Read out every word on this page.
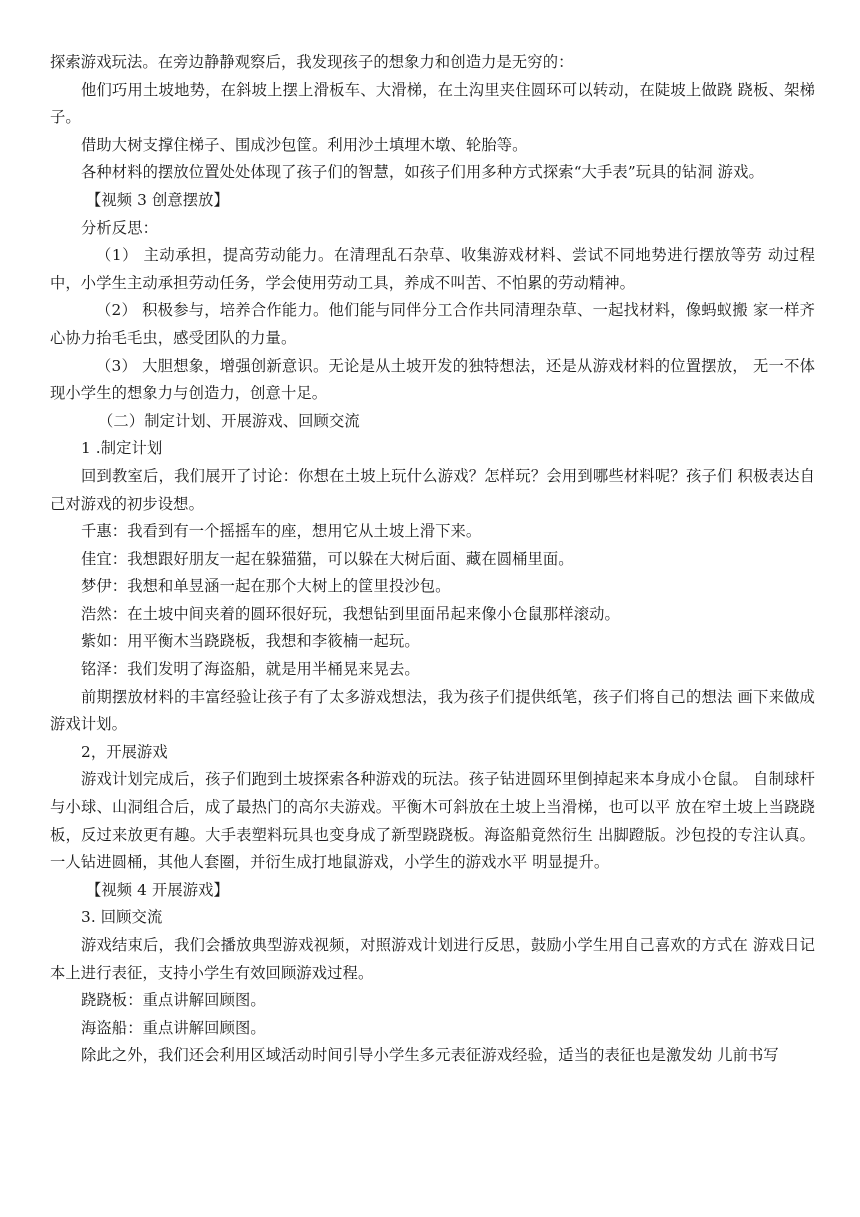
探索游戏玩法。在旁边静静观察后，我发现孩子的想象力和创造力是无穷的：

他们巧用土坡地势，在斜坡上摆上滑板车、大滑梯，在土沟里夹住圆环可以转动，在陡坡上做跷 跷板、架梯子。

借助大树支撑住梯子、围成沙包筐。利用沙土填埋木墩、轮胎等。

各种材料的摆放位置处处体现了孩子们的智慧，如孩子们用多种方式探索“大手表”玩具的钻洞 游戏。

【视频 3 创意摆放】

分析反思：

（1） 主动承担，提高劳动能力。在清理乱石杂草、收集游戏材料、尝试不同地势进行摆放等劳 动过程中，小学生主动承担劳动任务，学会使用劳动工具，养成不叫苦、不怕累的劳动精神。

（2） 积极参与，培养合作能力。他们能与同伴分工合作共同清理杂草、一起找材料，像蚂蚁搬 家一样齐心协力抬毛毛虫，感受团队的力量。

（3） 大胆想象，增强创新意识。无论是从土坡开发的独特想法，还是从游戏材料的位置摆放， 无一不体现小学生的想象力与创造力，创意十足。

（二）制定计划、开展游戏、回顾交流

1 .制定计划

回到教室后，我们展开了讨论：你想在土坡上玩什么游戏？怎样玩？会用到哪些材料呢？孩子们 积极表达自己对游戏的初步设想。

千惠：我看到有一个摇摇车的座，想用它从土坡上滑下来。

佳宜：我想跟好朋友一起在躲猫猫，可以躲在大树后面、藏在圆桶里面。

梦伊：我想和单昱涵一起在那个大树上的筐里投沙包。

浩然：在土坡中间夹着的圆环很好玩，我想钻到里面吊起来像小仓鼠那样滚动。

紫如：用平衡木当跷跷板，我想和李筱楠一起玩。

铭泽：我们发明了海盗船，就是用半桶晃来晃去。

前期摆放材料的丰富经验让孩子有了太多游戏想法，我为孩子们提供纸笔，孩子们将自己的想法 画下来做成游戏计划。

2，开展游戏

游戏计划完成后，孩子们跑到土坡探索各种游戏的玩法。孩子钻进圆环里倒掉起来本身成小仓鼠。 自制球杆与小球、山洞组合后，成了最热门的高尔夫游戏。平衡木可斜放在土坡上当滑梯，也可以平 放在窄土坡上当跷跷板，反过来放更有趣。大手表塑料玩具也变身成了新型跷跷板。海盗船竟然衍生 出脚蹬版。沙包投的专注认真。一人钻进圆桶，其他人套圈，并衍生成打地鼠游戏，小学生的游戏水平 明显提升。

【视频 4 开展游戏】

3. 回顾交流

游戏结束后，我们会播放典型游戏视频，对照游戏计划进行反思，鼓励小学生用自己喜欢的方式在 游戏日记本上进行表征，支持小学生有效回顾游戏过程。

跷跷板：重点讲解回顾图。

海盗船：重点讲解回顾图。

除此之外，我们还会利用区域活动时间引导小学生多元表征游戏经验，适当的表征也是激发幼 儿前书写
